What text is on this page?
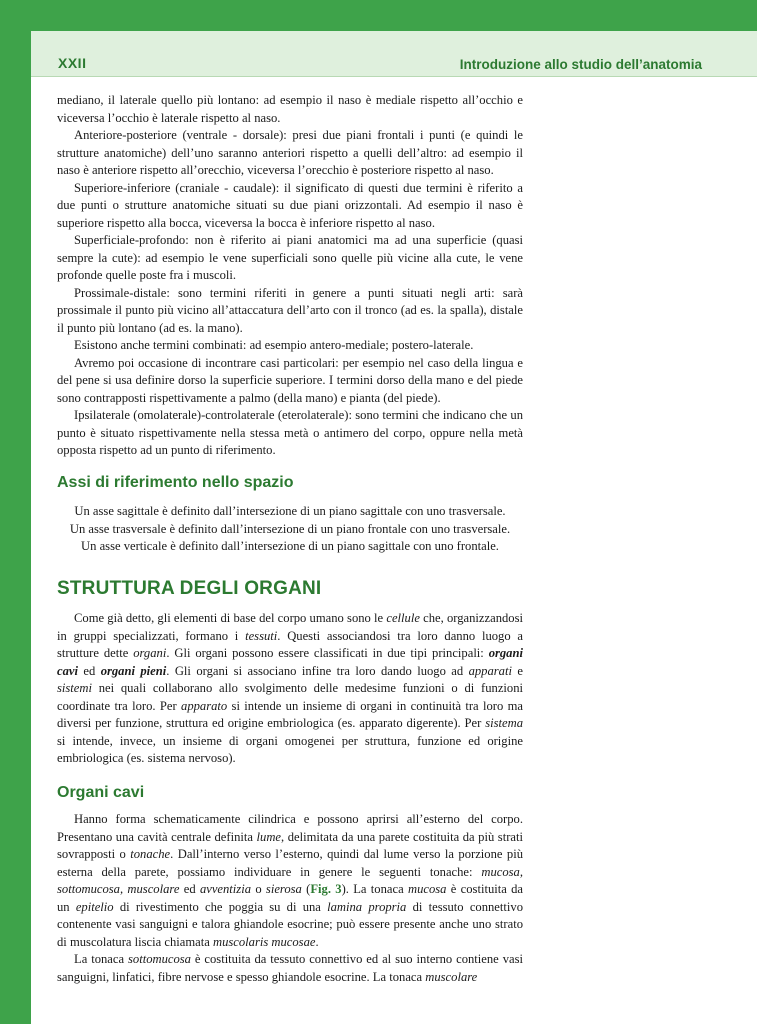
XXII	Introduzione allo studio dell’anatomia

mediano, il laterale quello più lontano: ad esempio il naso è mediale rispetto all’occhio e viceversa l’occhio è laterale rispetto al naso.

Anteriore-posteriore (ventrale - dorsale): presi due piani frontali i punti (e quindi le strutture anatomiche) dell’uno saranno anteriori rispetto a quelli dell’altro: ad esempio il naso è anteriore rispetto all’orecchio, viceversa l’orecchio è posteriore rispetto al naso.

Superiore-inferiore (craniale - caudale): il significato di questi due termini è riferito a due punti o strutture anatomiche situati su due piani orizzontali. Ad esempio il naso è superiore rispetto alla bocca, viceversa la bocca è inferiore rispetto al naso.

Superficiale-profondo: non è riferito ai piani anatomici ma ad una superficie (quasi sempre la cute): ad esempio le vene superficiali sono quelle più vicine alla cute, le vene profonde quelle poste fra i muscoli.

Prossimale-distale: sono termini riferiti in genere a punti situati negli arti: sarà prossimale il punto più vicino all’attaccatura dell’arto con il tronco (ad es. la spalla), distale il punto più lontano (ad es. la mano).

Esistono anche termini combinati: ad esempio antero-mediale; postero-laterale.

Avremo poi occasione di incontrare casi particolari: per esempio nel caso della lingua e del pene si usa definire dorso la superficie superiore. I termini dorso della mano e del piede sono contrapposti rispettivamente a palmo (della mano) e pianta (del piede).

Ipsilaterale (omolaterale)-controlaterale (eterolaterale): sono termini che indicano che un punto è situato rispettivamente nella stessa metà o antimero del corpo, oppure nella metà opposta rispetto ad un punto di riferimento.

Assi di riferimento nello spazio

Un asse sagittale è definito dall’intersezione di un piano sagittale con uno trasversale.

Un asse trasversale è definito dall’intersezione di un piano frontale con uno trasversale.

Un asse verticale è definito dall’intersezione di un piano sagittale con uno frontale.

STRUTTURA DEGLI ORGANI

Come già detto, gli elementi di base del corpo umano sono le cellule che, organizzandosi in gruppi specializzati, formano i tessuti. Questi associandosi tra loro danno luogo a strutture dette organi. Gli organi possono essere classificati in due tipi principali: organi cavi ed organi pieni. Gli organi si associano infine tra loro dando luogo ad apparati e sistemi nei quali collaborano allo svolgimento delle medesime funzioni o di funzioni coordinate tra loro. Per apparato si intende un insieme di organi in continuità tra loro ma diversi per funzione, struttura ed origine embriologica (es. apparato digerente). Per sistema si intende, invece, un insieme di organi omogenei per struttura, funzione ed origine embriologica (es. sistema nervoso).

Organi cavi

Hanno forma schematicamente cilindrica e possono aprirsi all’esterno del corpo. Presentano una cavità centrale definita lume, delimitata da una parete costituita da più strati sovrapposti o tonache. Dall’interno verso l’esterno, quindi dal lume verso la porzione più esterna della parete, possiamo individuare in genere le seguenti tonache: mucosa, sottomucosa, muscolare ed avventizia o sierosa (Fig. 3). La tonaca mucosa è costituita da un epitelio di rivestimento che poggia su di una lamina propria di tessuto connettivo contenente vasi sanguigni e talora ghiandole esocrine; può essere presente anche uno strato di muscolatura liscia chiamata muscolaris mucosae.

La tonaca sottomucosa è costituita da tessuto connettivo ed al suo interno contiene vasi sanguigni, linfatici, fibre nervose e spesso ghiandole esocrine. La tonaca muscolare
